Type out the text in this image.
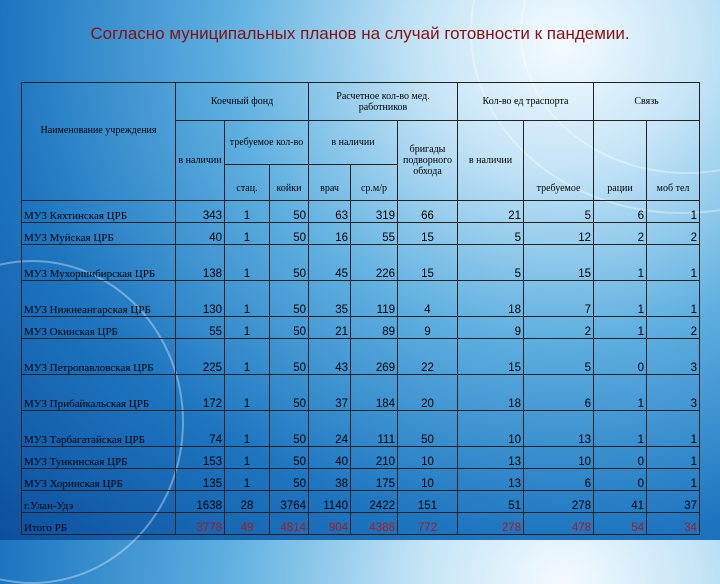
Согласно муниципальных планов на случай готовности к пандемии.
Наименование учреждения	Коечный фонд			Расчетное кол-во мед. работников			Кол-во ед траспорта		Связь	
	в наличии	требуемое кол-во		в наличии		бригады подворного обхода	в наличии	требуемое	рации	моб тел
		стац.	койки	врач	ср.м/р					
МУЗ Кяхтинская ЦРБ	343	1	50	63	319	66	21	5	6	1
МУЗ Муйская ЦРБ	40	1	50	16	55	15	5	12	2	2
МУЗ Мухоршибирская ЦРБ	138	1	50	45	226	15	5	15	1	1
МУЗ Нижнеангарская ЦРБ	130	1	50	35	119	4	18	7	1	1
МУЗ Окинская ЦРБ	55	1	50	21	89	9	9	2	1	2
МУЗ Петропавловская ЦРБ	225	1	50	43	269	22	15	5	0	3
МУЗ Прибайкальская ЦРБ	172	1	50	37	184	20	18	6	1	3
МУЗ Тарбагатайская ЦРБ	74	1	50	24	111	50	10	13	1	1
МУЗ Тункинская ЦРБ	153	1	50	40	210	10	13	10	0	1
МУЗ Хоринская ЦРБ	135	1	50	38	175	10	13	6	0	1
г.Улан-Удэ	1638	28	3764	1140	2422	151	51	278	41	37
Итого РБ	3778	49	4814	904	4388	772	278	478	54	34
